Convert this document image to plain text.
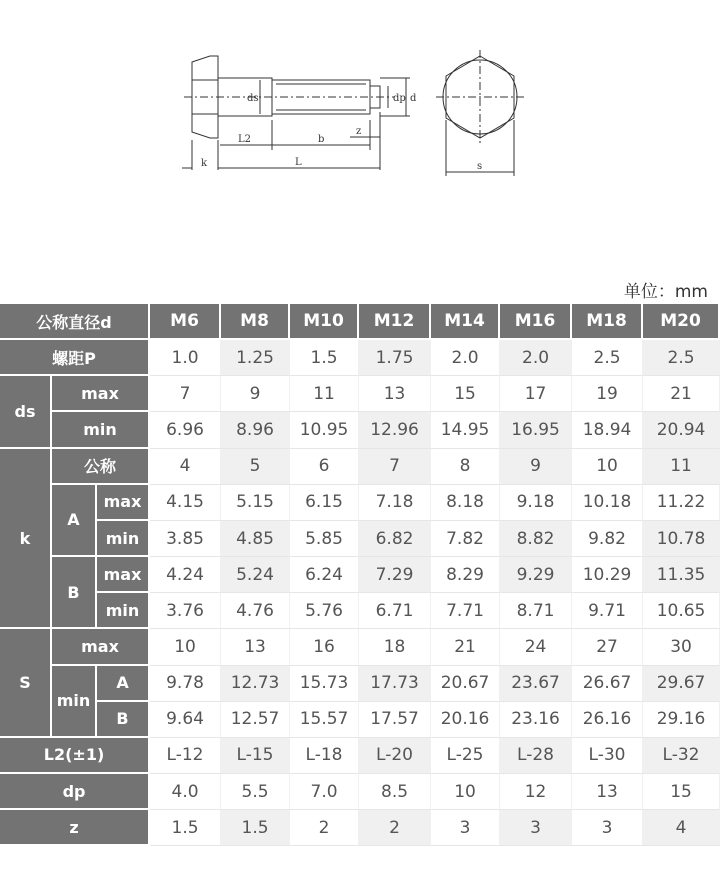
ds	dp d
L2	b
z
k	L	s
单位：mm
公称直径d			M6	M8	M10	M12	M14	M16	M18	M20
螺距P			1.0	1.25	1.5	1.75	2.0	2.0	2.5	2.5
ds	max		7	9	11	13	15	17	19	21
	min		6.96	8.96	10.95	12.96	14.95	16.95	18.94	20.94
k	公称		4	5	6	7	8	9	10	11
	A	max	4.15	5.15	6.15	7.18	8.18	9.18	10.18	11.22
		min	3.85	4.85	5.85	6.82	7.82	8.82	9.82	10.78
	B	max	4.24	5.24	6.24	7.29	8.29	9.29	10.29	11.35
		min	3.76	4.76	5.76	6.71	7.71	8.71	9.71	10.65
S	max		10	13	16	18	21	24	27	30
	min	A	9.78	12.73	15.73	17.73	20.67	23.67	26.67	29.67
		B	9.64	12.57	15.57	17.57	20.16	23.16	26.16	29.16
L2(±1)			L-12	L-15	L-18	L-20	L-25	L-28	L-30	L-32
dp			4.0	5.5	7.0	8.5	10	12	13	15
z			1.5	1.5	2	2	3	3	3	4
